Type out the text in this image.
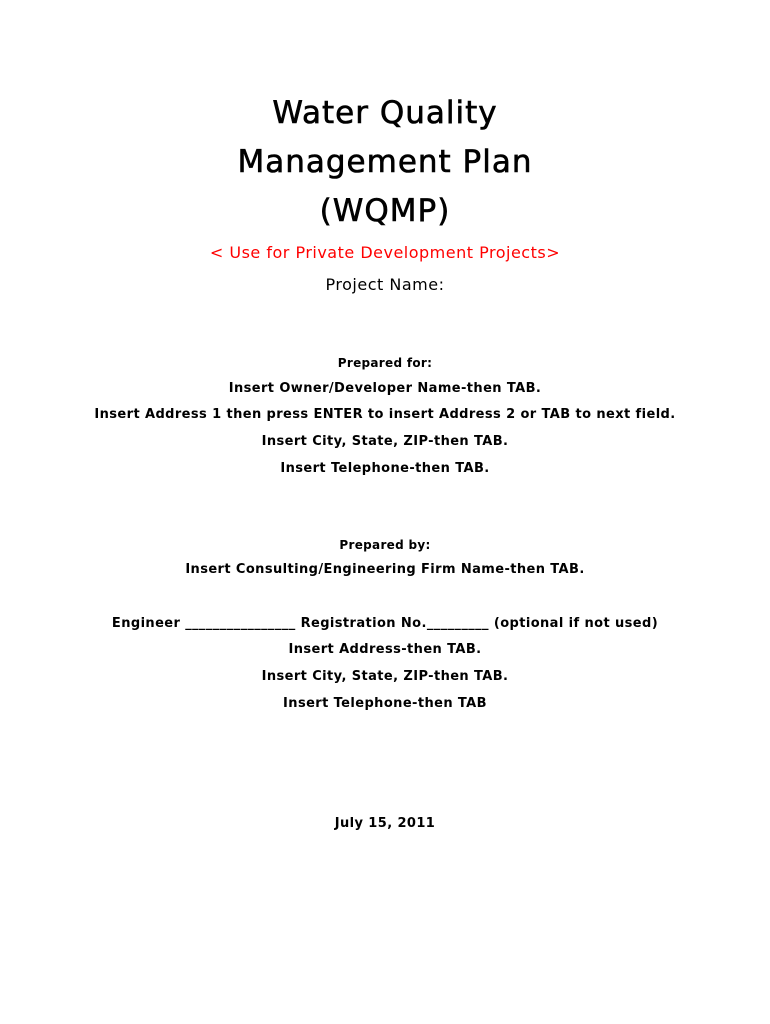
Water Quality
Management Plan
(WQMP)
< Use for Private Development Projects>
Project Name:
Prepared for:
Insert Owner/Developer Name-then TAB.
Insert Address 1 then press ENTER to insert Address 2 or TAB to next field.
Insert City, State, ZIP-then TAB.
Insert Telephone-then TAB.
Prepared by:
Insert Consulting/Engineering Firm Name-then TAB.
Engineer ________________ Registration No._________ (optional if not used)
Insert Address-then TAB.
Insert City, State, ZIP-then TAB.
Insert Telephone-then TAB
July 15, 2011
